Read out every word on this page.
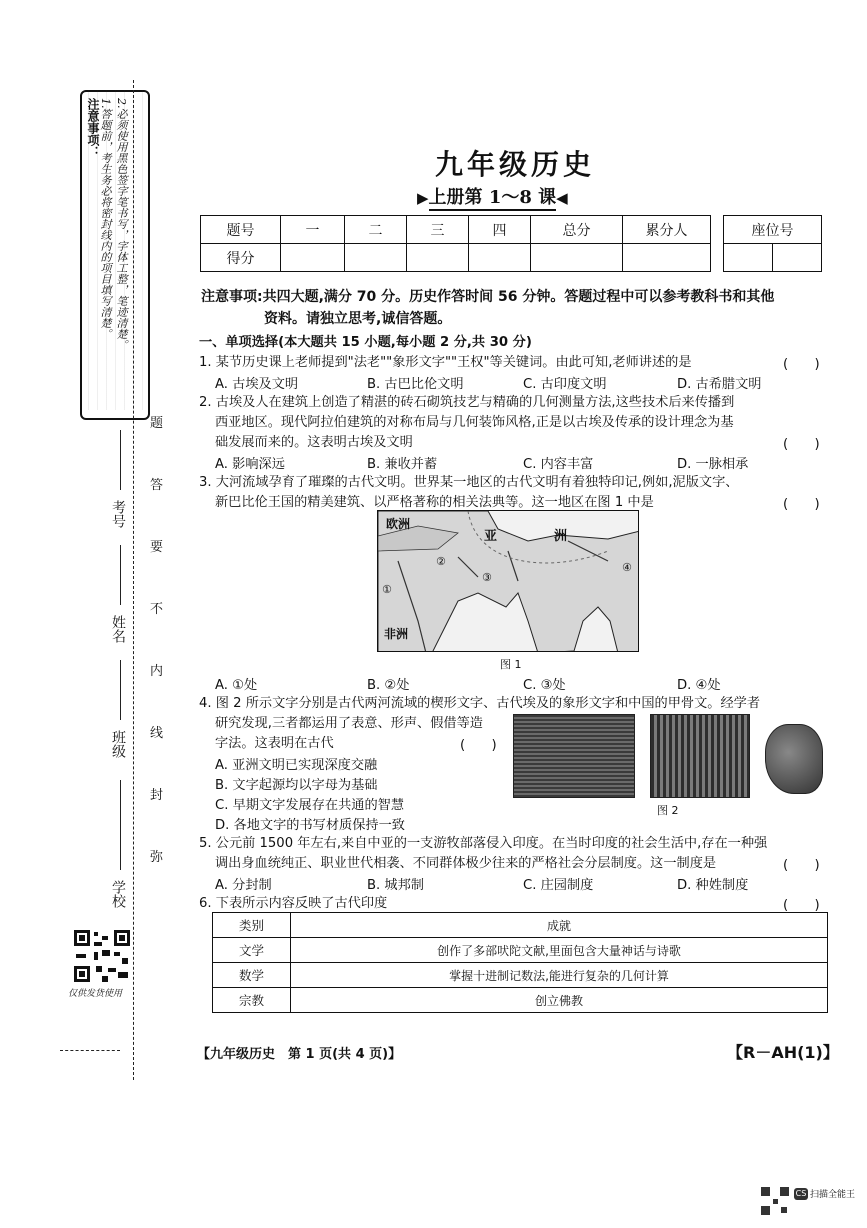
注意事项： 1.答题前，考生务必将密封线内的项目填写清楚。 2.必须使用黑色签字笔书写，字体工整，笔迹清楚。
考号
姓名
班级
学校
仅供发货使用
题
答
要
不
内
线
封
弥
九年级历史
▶上册第 1～8 课◀
题号	一	二	三	四	总分	累分人
得分						
座位号

注意事项:共四大题,满分 70 分。历史作答时间 56 分钟。答题过程中可以参考教科书和其他
资料。请独立思考,诚信答题。
一、单项选择(本大题共 15 小题,每小题 2 分,共 30 分)
1. 某节历史课上老师提到"法老""象形文字""王权"等关键词。由此可知,老师讲述的是	(　　)
A. 古埃及文明	B. 古巴比伦文明	C. 古印度文明	D. 古希腊文明
2. 古埃及人在建筑上创造了精湛的砖石砌筑技艺与精确的几何测量方法,这些技术后来传播到
西亚地区。现代阿拉伯建筑的对称布局与几何装饰风格,正是以古埃及传承的设计理念为基
础发展而来的。这表明古埃及文明	(　　)
A. 影响深远	B. 兼收并蓄	C. 内容丰富	D. 一脉相承
3. 大河流域孕育了璀璨的古代文明。世界某一地区的古代文明有着独特印记,例如,泥版文字、
新巴比伦王国的精美建筑、以严格著称的相关法典等。这一地区在图 1 中是	(　　)
欧洲
亚	洲
非洲
①
②
③
④
图 1
A. ①处	B. ②处	C. ③处	D. ④处
4. 图 2 所示文字分别是古代两河流域的楔形文字、古代埃及的象形文字和中国的甲骨文。经学者
研究发现,三者都运用了表意、形声、假借等造
字法。这表明在古代	(　　)
A. 亚洲文明已实现深度交融
B. 文字起源均以字母为基础
C. 早期文字发展存在共通的智慧
D. 各地文字的书写材质保持一致
图 2
5. 公元前 1500 年左右,来自中亚的一支游牧部落侵入印度。在当时印度的社会生活中,存在一种强
调出身血统纯正、职业世代相袭、不同群体极少往来的严格社会分层制度。这一制度是	(　　)
A. 分封制	B. 城邦制	C. 庄园制度	D. 种姓制度
6. 下表所示内容反映了古代印度	(　　)
类别	成就
文学	创作了多部吠陀文献,里面包含大量神话与诗歌
数学	掌握十进制记数法,能进行复杂的几何计算
宗教	创立佛教
【九年级历史　第 1 页(共 4 页)】	【R－AH(1)】
CS 扫描全能王
